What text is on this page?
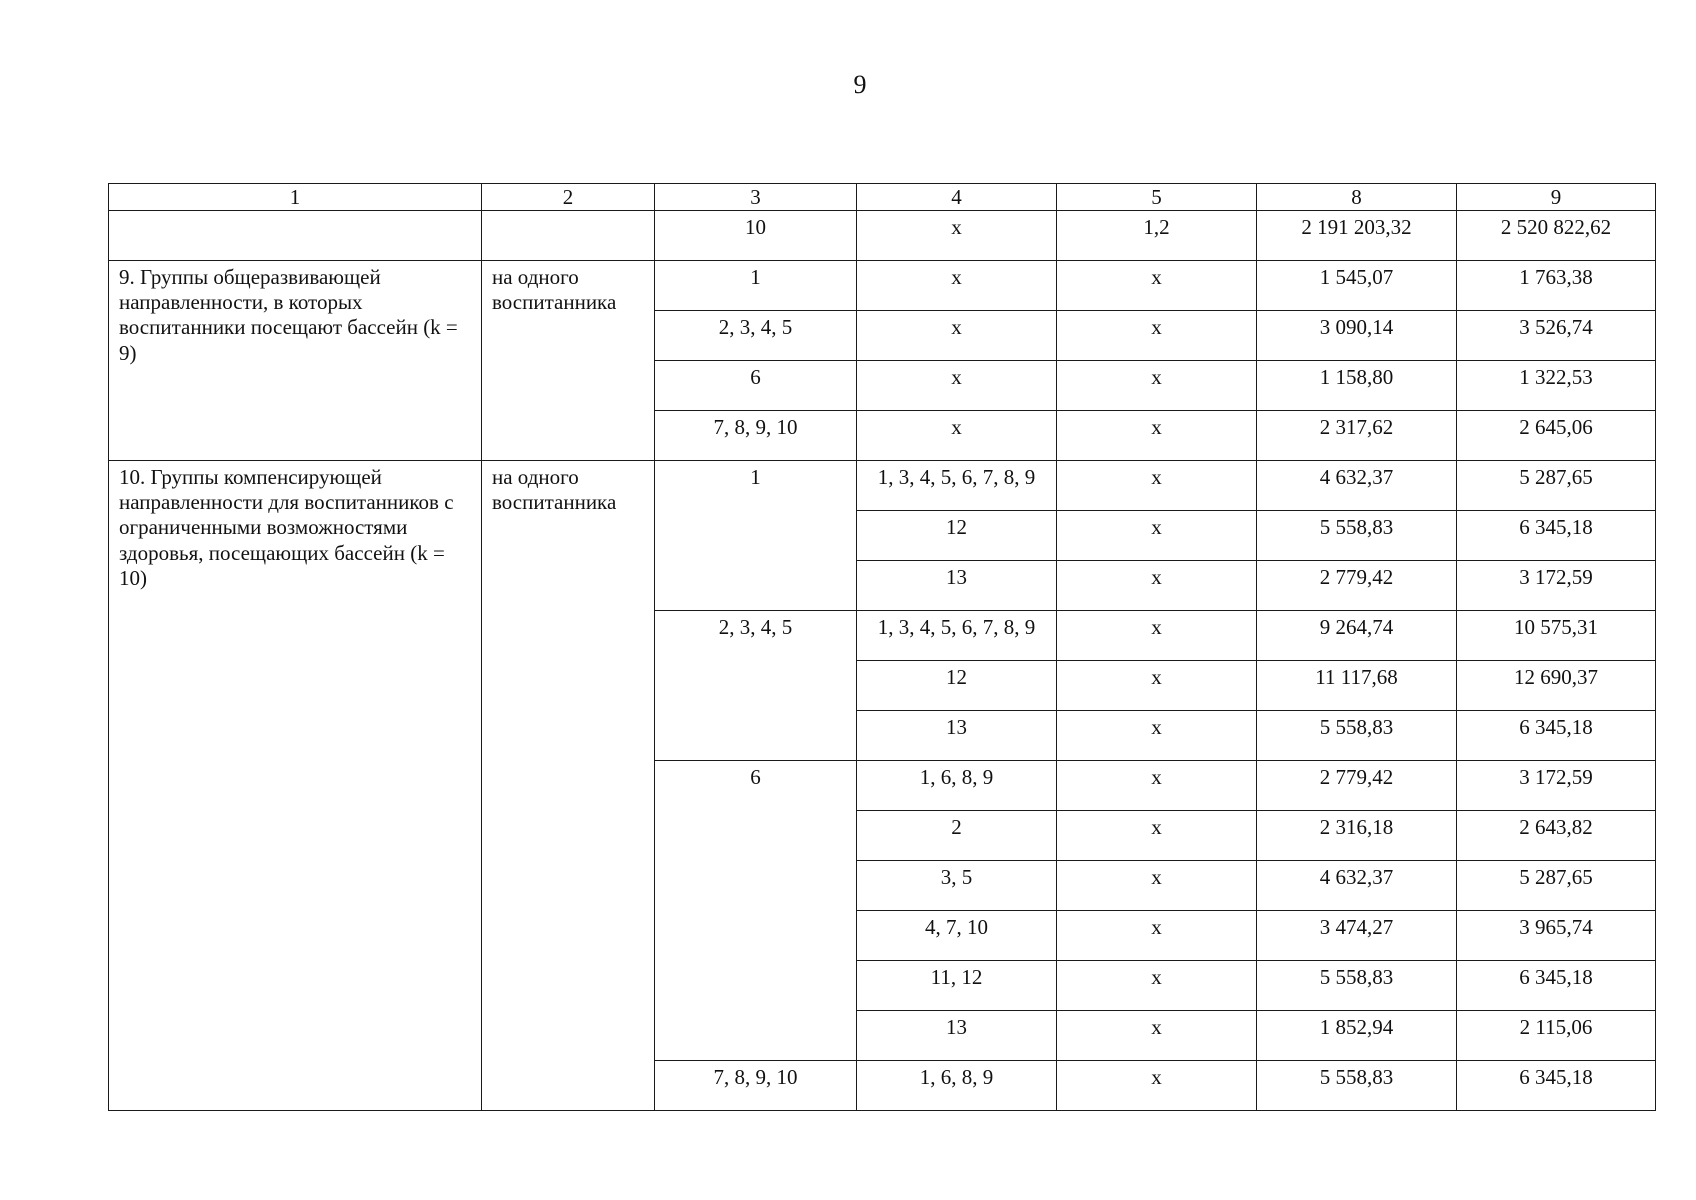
9
1	2	3	4	5	8	9
		10	х	1,2	2 191 203,32	2 520 822,62
9. Группы общеразвивающей направленности, в которых воспитанники посещают бассейн (k = 9)	на одного воспитанника	1	х	х	1 545,07	1 763,38
		2, 3, 4, 5	х	х	3 090,14	3 526,74
		6	х	х	1 158,80	1 322,53
		7, 8, 9, 10	х	х	2 317,62	2 645,06
10. Группы компенсирующей направленности для воспитанников с ограниченными возможностями здоровья, посещающих бассейн (k = 10)	на одного воспитанника	1	1, 3, 4, 5, 6, 7, 8, 9	х	4 632,37	5 287,65
			12	х	5 558,83	6 345,18
			13	х	2 779,42	3 172,59
		2, 3, 4, 5	1, 3, 4, 5, 6, 7, 8, 9	х	9 264,74	10 575,31
			12	х	11 117,68	12 690,37
			13	х	5 558,83	6 345,18
		6	1, 6, 8, 9	х	2 779,42	3 172,59
			2	х	2 316,18	2 643,82
			3, 5	х	4 632,37	5 287,65
			4, 7, 10	х	3 474,27	3 965,74
			11, 12	х	5 558,83	6 345,18
			13	х	1 852,94	2 115,06
		7, 8, 9, 10	1, 6, 8, 9	х	5 558,83	6 345,18
